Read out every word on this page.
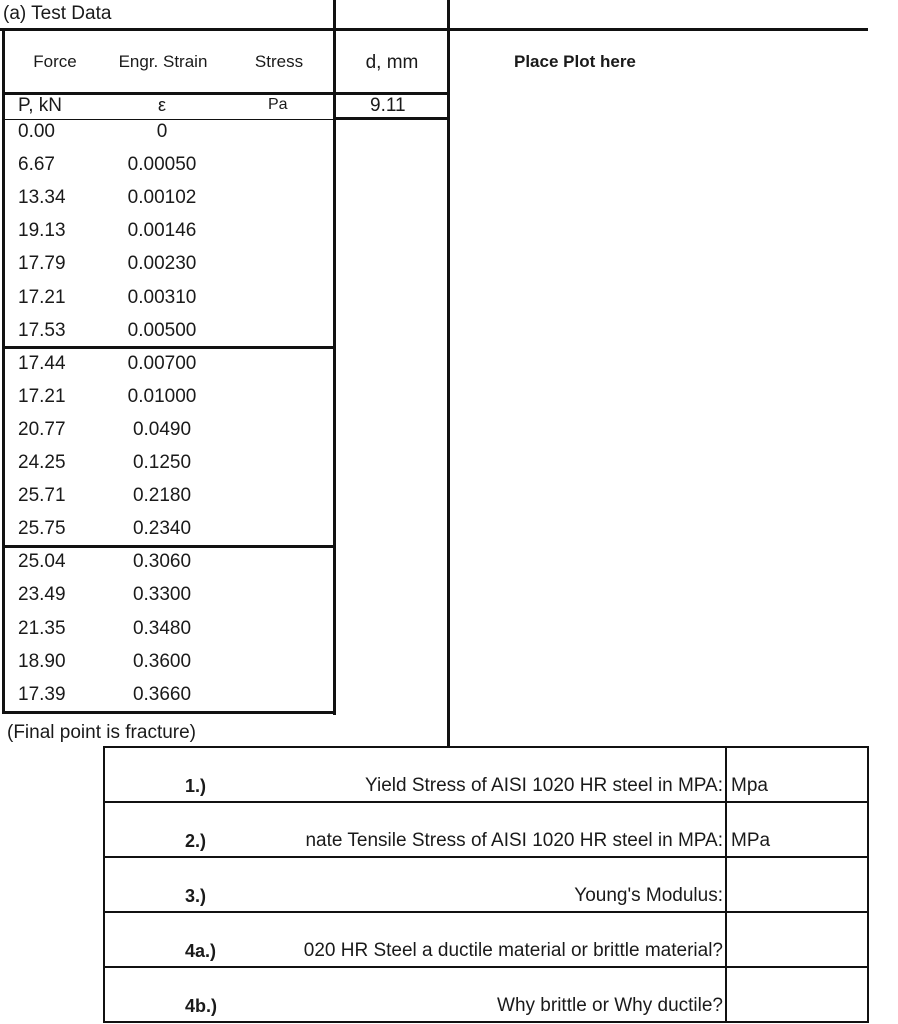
(a) Test Data
Force	Engr. Strain	Stress	d, mm	Place Plot here
P, kN	ε	Pa	9.11
0.00	0
6.67	0.00050
13.34	0.00102
19.13	0.00146
17.79	0.00230
17.21	0.00310
17.53	0.00500
17.44	0.00700
17.21	0.01000
20.77	0.0490
24.25	0.1250
25.71	0.2180
25.75	0.2340
25.04	0.3060
23.49	0.3300
21.35	0.3480
18.90	0.3600
17.39	0.3660
(Final point is fracture)
1.)	Yield Stress of AISI 1020 HR steel in MPA: Mpa
2.)	nate Tensile Stress of AISI 1020 HR steel in MPA: MPa
3.)	Young's Modulus:
4a.)	020 HR Steel a ductile material or brittle material?
4b.)	Why brittle or Why ductile?
